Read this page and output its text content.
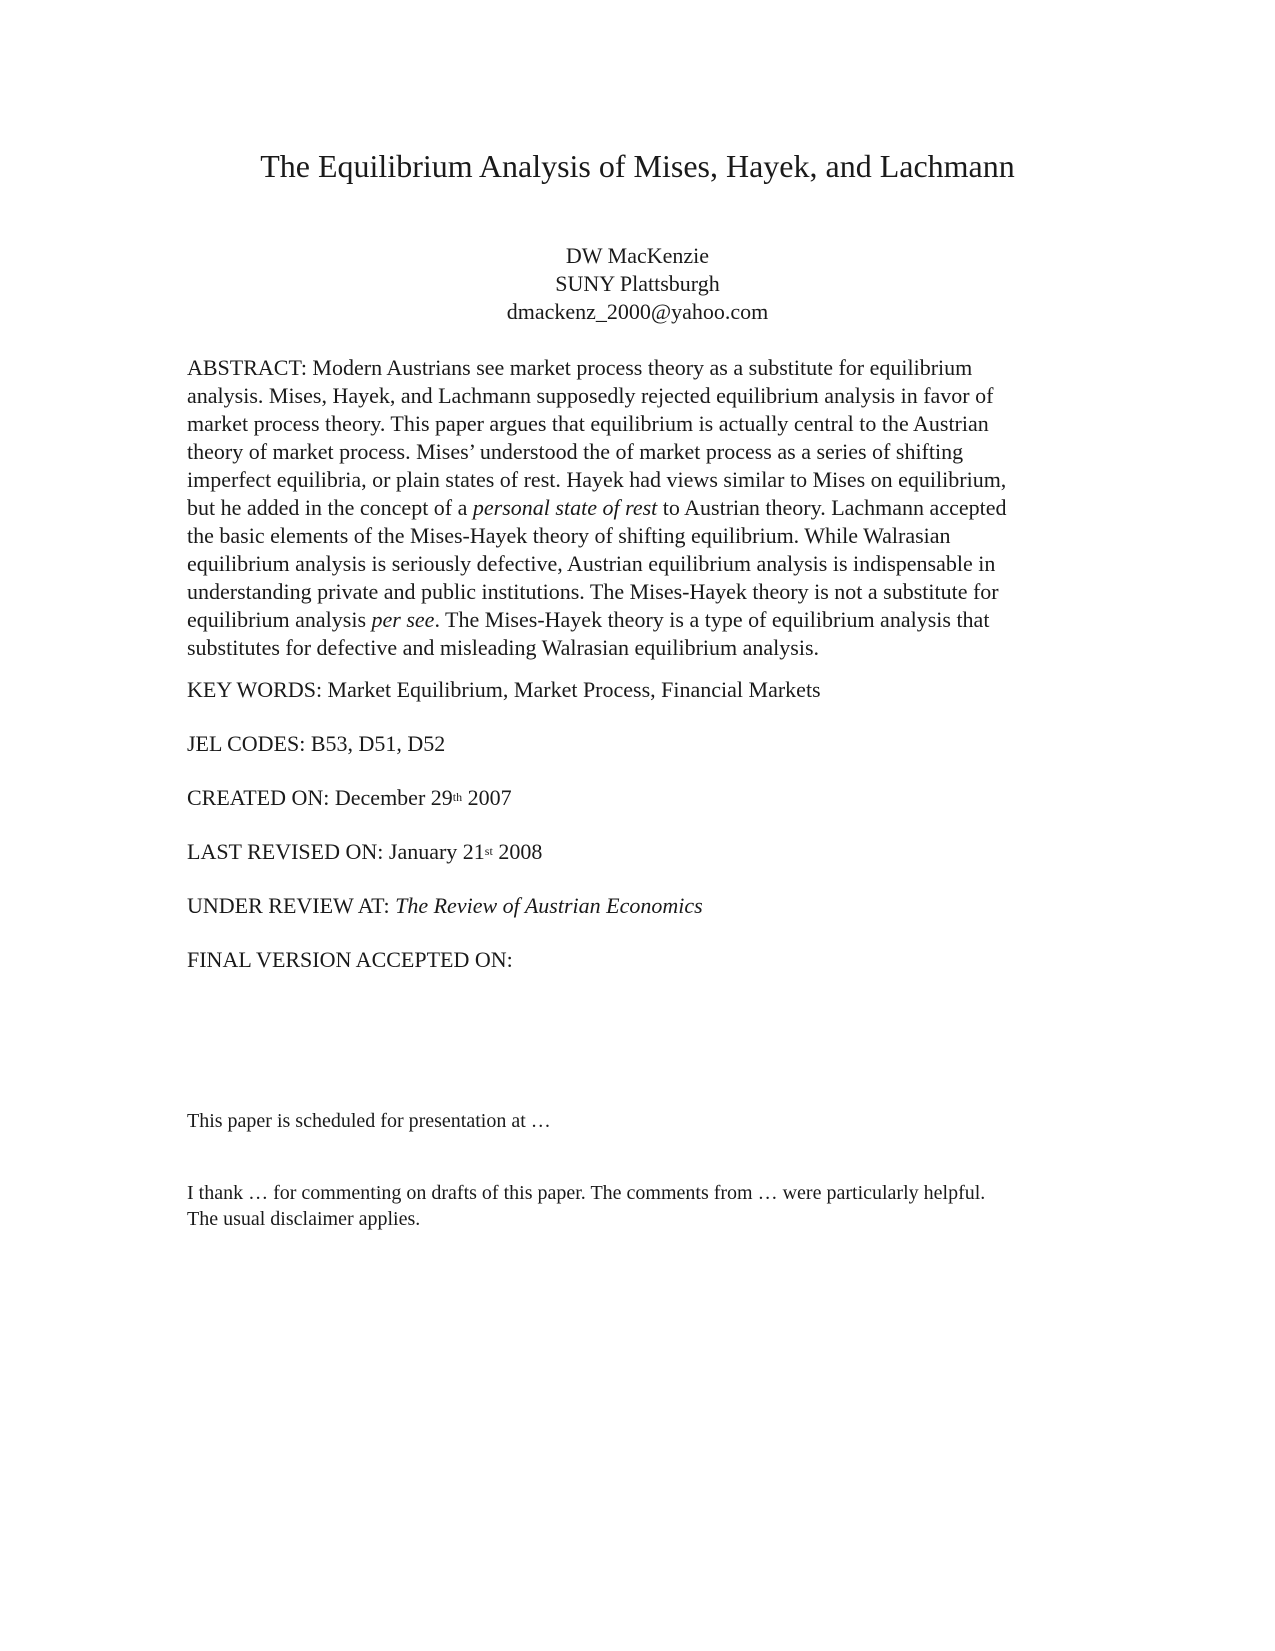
The Equilibrium Analysis of Mises, Hayek, and Lachmann
DW MacKenzie
SUNY Plattsburgh
dmackenz_2000@yahoo.com
ABSTRACT: Modern Austrians see market process theory as a substitute for equilibrium
analysis. Mises, Hayek, and Lachmann supposedly rejected equilibrium analysis in favor of
market process theory. This paper argues that equilibrium is actually central to the Austrian
theory of market process. Mises’ understood the of market process as a series of shifting
imperfect equilibria, or plain states of rest. Hayek had views similar to Mises on equilibrium,
but he added in the concept of a personal state of rest to Austrian theory. Lachmann accepted
the basic elements of the Mises-Hayek theory of shifting equilibrium. While Walrasian
equilibrium analysis is seriously defective, Austrian equilibrium analysis is indispensable in
understanding private and public institutions. The Mises-Hayek theory is not a substitute for
equilibrium analysis per see. The Mises-Hayek theory is a type of equilibrium analysis that
substitutes for defective and misleading Walrasian equilibrium analysis.
KEY WORDS: Market Equilibrium, Market Process, Financial Markets
JEL CODES: B53, D51, D52
CREATED ON: December 29th 2007
LAST REVISED ON: January 21st 2008
UNDER REVIEW AT: The Review of Austrian Economics
FINAL VERSION ACCEPTED ON:
This paper is scheduled for presentation at …
I thank … for commenting on drafts of this paper. The comments from … were particularly helpful.
The usual disclaimer applies.
